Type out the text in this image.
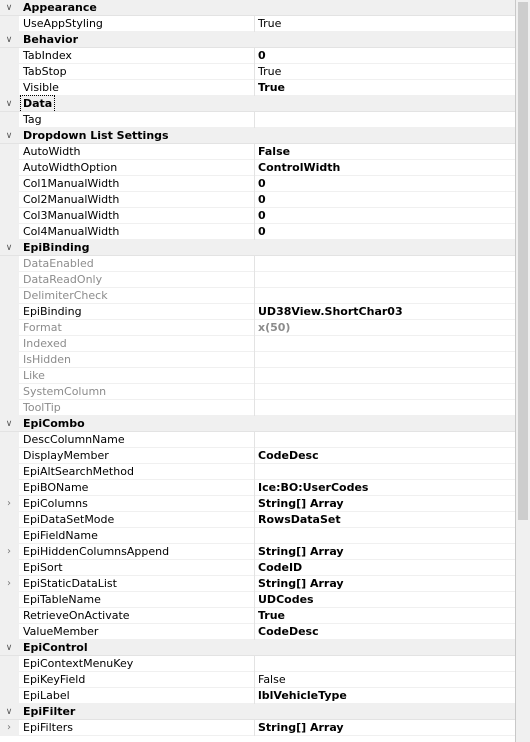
∨ Appearance
UseAppStyling	True
∨ Behavior
TabIndex	0
TabStop	True
Visible	True
∨ Data
Tag
∨ Dropdown List Settings
AutoWidth	False
AutoWidthOption	ControlWidth
Col1ManualWidth	0
Col2ManualWidth	0
Col3ManualWidth	0
Col4ManualWidth	0
∨ EpiBinding
DataEnabled
DataReadOnly
DelimiterCheck
EpiBinding	UD38View.ShortChar03
Format	x(50)
Indexed
IsHidden
Like
SystemColumn
ToolTip
∨ EpiCombo
DescColumnName
DisplayMember	CodeDesc
EpiAltSearchMethod
EpiBOName	Ice:BO:UserCodes
›	EpiColumns	String[] Array
EpiDataSetMode	RowsDataSet
EpiFieldName
›	EpiHiddenColumnsAppend	String[] Array
EpiSort	CodeID
›	EpiStaticDataList	String[] Array
EpiTableName	UDCodes
RetrieveOnActivate	True
ValueMember	CodeDesc
∨ EpiControl
EpiContextMenuKey
EpiKeyField	False
EpiLabel	lblVehicleType
∨ EpiFilter
›	EpiFilters	String[] Array
